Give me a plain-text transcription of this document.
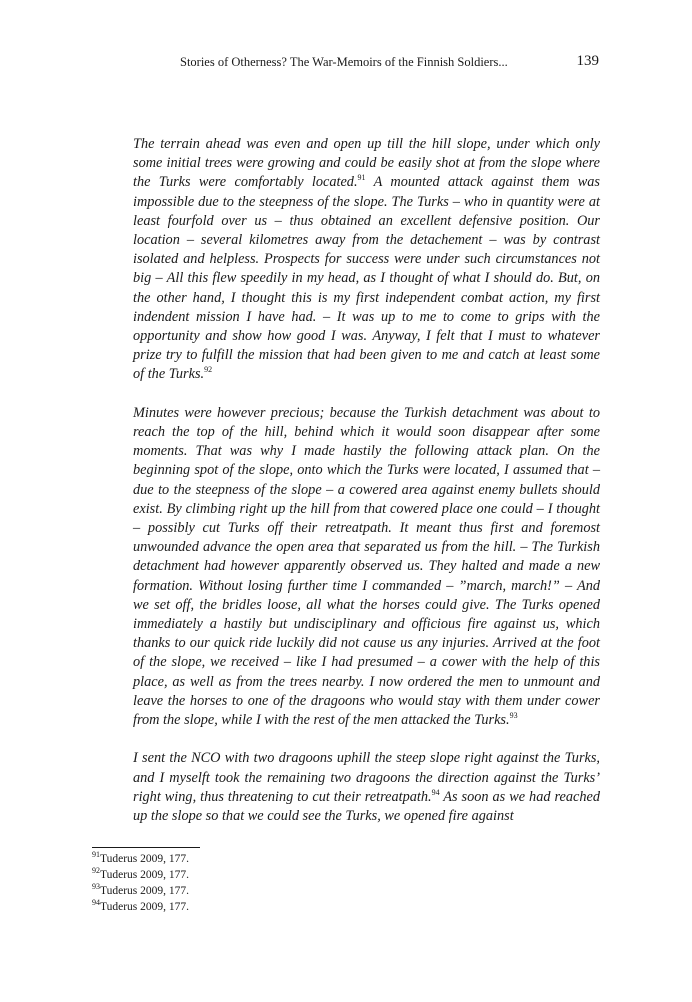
Stories of Otherness? The War-Memoirs of the Finnish Soldiers...	139

The terrain ahead was even and open up till the hill slope, under which only some initial trees were growing and could be easily shot at from the slope where the Turks were comfortably located.$^{91}$ A mounted attack against them was impossible due to the steepness of the slope. The Turks – who in quantity were at least fourfold over us – thus obtained an excellent defensive position. Our location – several kilometres away from the detachement – was by contrast isolated and helpless. Prospects for success were under such circumstances not big – All this flew speedily in my head, as I thought of what I should do. But, on the other hand, I thought this is my first independent combat action, my first indendent mission I have had. – It was up to me to come to grips with the opportunity and show how good I was. Anyway, I felt that I must to whatever prize try to fulfill the mission that had been given to me and catch at least some of the Turks.$^{92}$

Minutes were however precious; because the Turkish detachment was about to reach the top of the hill, behind which it would soon disappear after some moments. That was why I made hastily the following attack plan. On the beginning spot of the slope, onto which the Turks were located, I assumed that – due to the steepness of the slope – a cowered area against enemy bullets should exist. By climbing right up the hill from that cowered place one could – I thought – possibly cut Turks off their retreatpath. It meant thus first and foremost unwounded advance the open area that separated us from the hill. – The Turkish detachment had however apparently observed us. They halted and made a new formation. Without losing further time I commanded – ”march, march!” – And we set off, the bridles loose, all what the horses could give. The Turks opened immediately a hastily but undisciplinary and officious fire against us, which thanks to our quick ride luckily did not cause us any injuries. Arrived at the foot of the slope, we received – like I had presumed – a cower with the help of this place, as well as from the trees nearby. I now ordered the men to unmount and leave the horses to one of the dragoons who would stay with them under cower from the slope, while I with the rest of the men attacked the Turks.$^{93}$

I sent the NCO with two dragoons uphill the steep slope right against the Turks, and I myselft took the remaining two dragoons the direction against the Turks’ right wing, thus threatening to cut their retreatpath.$^{94}$ As soon as we had reached up the slope so that we could see the Turks, we opened fire against

$^{91}$Tuderus 2009, 177.
$^{92}$Tuderus 2009, 177.
$^{93}$Tuderus 2009, 177.
$^{94}$Tuderus 2009, 177.
